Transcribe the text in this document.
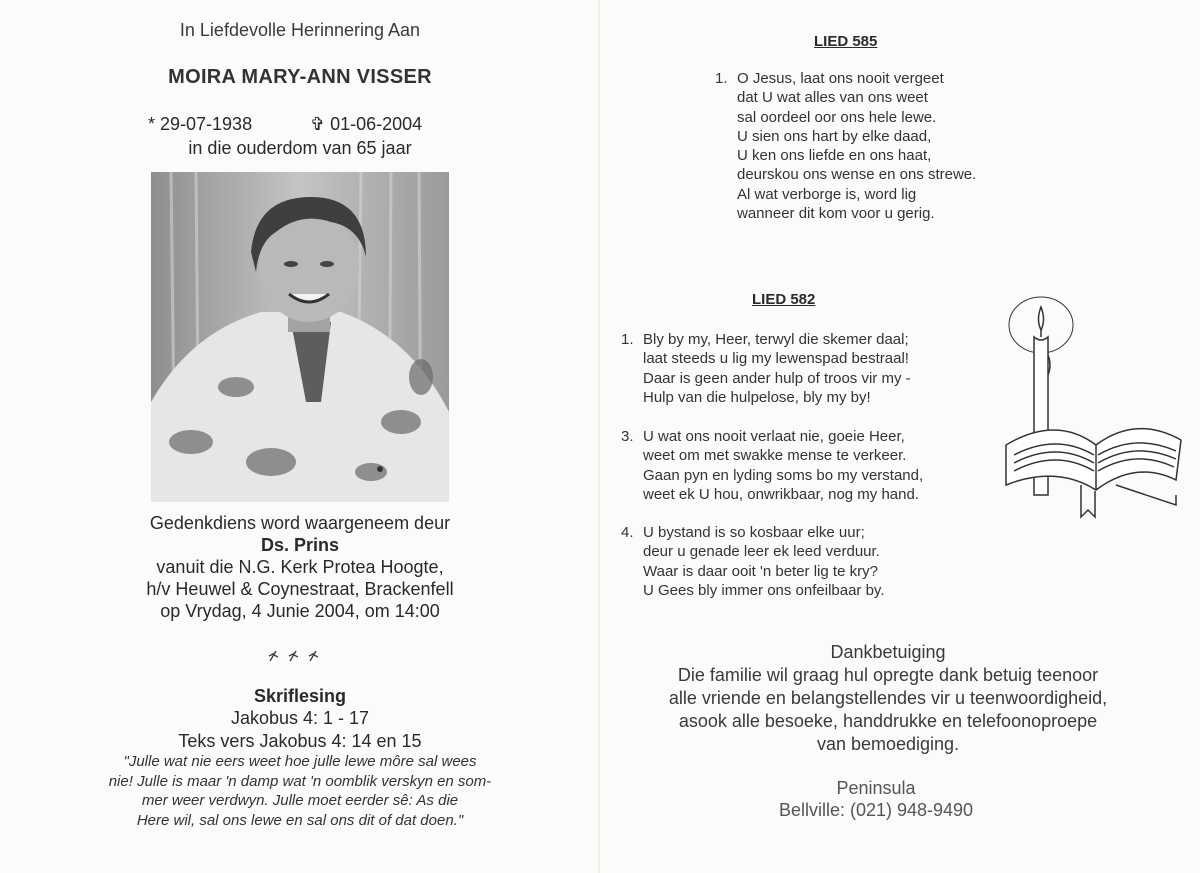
In Liefdevolle Herinnering Aan
MOIRA MARY-ANN VISSER
* 29-07-1938	✞ 01-06-2004
in die ouderdom van 65 jaar
Gedenkdiens word waargeneem deur
Ds. Prins
vanuit die N.G. Kerk Protea Hoogte,
h/v Heuwel & Coynestraat, Brackenfell
op Vrydag, 4 Junie 2004, om 14:00
Skriflesing
Jakobus 4: 1 - 17
Teks vers Jakobus 4: 14 en 15
"Julle wat nie eers weet hoe julle lewe môre sal wees
nie! Julle is maar 'n damp wat 'n oomblik verskyn en som-
mer weer verdwyn. Julle moet eerder sê: As die
Here wil, sal ons lewe en sal ons dit of dat doen."
LIED 585
1. O Jesus, laat ons nooit vergeet
dat U wat alles van ons weet
sal oordeel oor ons hele lewe.
U sien ons hart by elke daad,
U ken ons liefde en ons haat,
deurskou ons wense en ons strewe.
Al wat verborge is, word lig
wanneer dit kom voor u gerig.
LIED 582
1. Bly by my, Heer, terwyl die skemer daal;
laat steeds u lig my lewenspad bestraal!
Daar is geen ander hulp of troos vir my -
Hulp van die hulpelose, bly my by!
3. U wat ons nooit verlaat nie, goeie Heer,
weet om met swakke mense te verkeer.
Gaan pyn en lyding soms bo my verstand,
weet ek U hou, onwrikbaar, nog my hand.
4. U bystand is so kosbaar elke uur;
deur u genade leer ek leed verduur.
Waar is daar ooit 'n beter lig te kry?
U Gees bly immer ons onfeilbaar by.
Dankbetuiging
Die familie wil graag hul opregte dank betuig teenoor
alle vriende en belangstellendes vir u teenwoordigheid,
asook alle besoeke, handdrukke en telefoonoproepe
van bemoediging.
Peninsula
Bellville: (021) 948-9490
